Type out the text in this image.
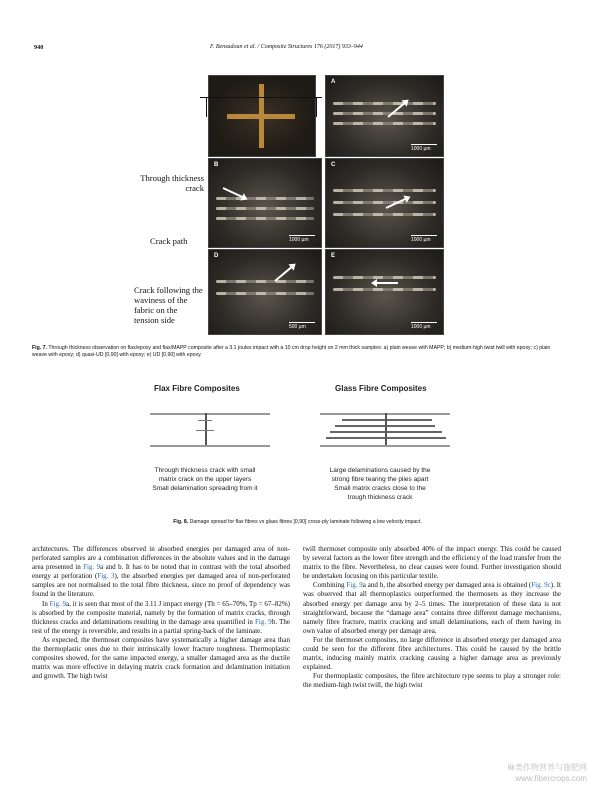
940	F. Bensadoun et al. / Composite Structures 176 (2017) 933–944
A
1000 µm
B
1000 µm
C
1000 µm
D
500 µm
E
1000 µm
Through thickness crack
Crack path
Crack following the waviness of the fabric on the tension side
Fig. 7. Through thickness observation on flax/epoxy and flax/MAPP composite after a 3.1 joules impact with a 10 cm drop height on 2 mm thick samples: a) plain weave with MAPP; b) medium-high twist twill with epoxy; c) plain weave with epoxy; d) quasi-UD [0,90] with epoxy; e) UD [0,90] with epoxy.
Flax Fibre Composites	Glass Fibre Composites
Through thickness crack with small
matrix crack on the upper layers
Small delamination spreading from it
Large delaminations caused by the
strong fibre tearing the plies apart
Small matrix cracks close to the
trough thickness crack
Fig. 8. Damage spread for flax fibres vs glass fibres [0,90] cross-ply laminate following a low velocity impact.

architectures. The differences observed in absorbed energies per damaged area of non-perforated samples are a combination differences in the absolute values and in the damage area presented in Fig. 9a and b. It has to be noted that in contrast with the total absorbed energy at perforation (Fig. 3), the absorbed energies per damaged area of non-perforated samples are not normalised to the total fibre thickness, since no proof of dependency was found in the literature.

In Fig. 9a, it is seen that most of the 3.11 J impact energy (Th = 65–70%, Tp = 67–82%) is absorbed by the composite material, namely by the formation of matrix cracks, through thickness cracks and delaminations resulting in the damage area quantified in Fig. 9b. The rest of the energy is reversible, and results in a partial spring-back of the laminate.

As expected, the thermoset composites have systematically a higher damage area than the thermoplastic ones due to their intrinsically lower fracture toughness. Thermoplastic composites showed, for the same impacted energy, a smaller damaged area as the ductile matrix was more effective in delaying matrix crack formation and delamination initiation and growth. The high twist

twill thermoset composite only absorbed 40% of the impact energy. This could be caused by several factors as the lower fibre strength and the efficiency of the load transfer from the matrix to the fibre. Nevertheless, no clear causes were found. Further investigation should be undertaken focusing on this particular textile.

Combining Fig. 9a and b, the absorbed energy per damaged area is obtained (Fig. 9c). It was observed that all thermoplastics outperformed the thermosets as they increase the absorbed energy per damage area by 2–5 times. The interpretation of these data is not straightforward, because the “damage area” contains three different damage mechanisms, namely fibre fracture, matrix cracking and small delaminations, each of them having its own value of absorbed energy per damage area.

For the thermoset composites, no large difference in absorbed energy per damaged area could be seen for the different fibre architectures. This could be caused by the brittle matrix, inducing mainly matrix cracking causing a higher damage area as previously explained.

For thermoplastic composites, the fibre architecture type seems to play a stronger role: the medium-high twist twill, the high twist

麻类作物营养与施肥网
www.fibercrops.com
